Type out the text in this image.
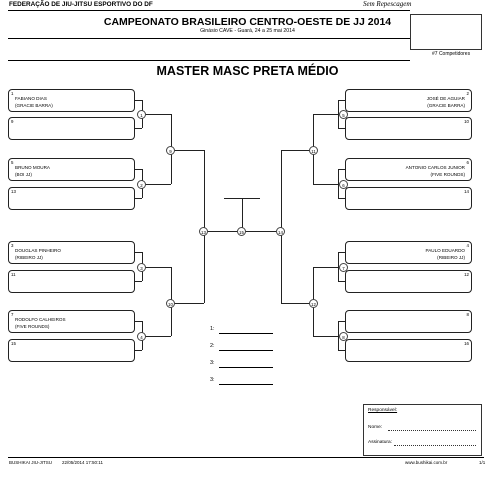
FEDERAÇÃO DE JIU-JITSU ESPORTIVO DO DF	Sem Repescagem
#7 Competidores
CAMPEONATO BRASILEIRO CENTRO-OESTE DE JJ 2014
Ginásio CAVE - Guará, 24 a 25 mai 2014
MASTER MASC PRETA MÉDIO
1
FABIANO DIAS
(GRACIE BARRA)
9
5
BRUNO MOURA
(BOI JJ)
13
3
DOUGLAS PINHEIRO
(RIBEIRO JJ)
11
7
RODOLFO CALHEIROS
(FIVE ROUNDS)
15
2
JOSÉ DE AGUIAR
(GRACIE BARRA)
10
6
ANTONIO CARLOS JUNIOR
(FIVE ROUNDS)
14
4
PAULO EDUARDO
(RIBEIRO JJ)
12
8
16
1
2
3
4
5
6
7
8
9
10
11
12
13	14
15
1:
2:
3:
3:
Responsável:
Nome:
Assinatura:
BUSHIKAI JIU-JITSU 22/05/2014 17:50:11	www.bushikai.com.br	1/1
